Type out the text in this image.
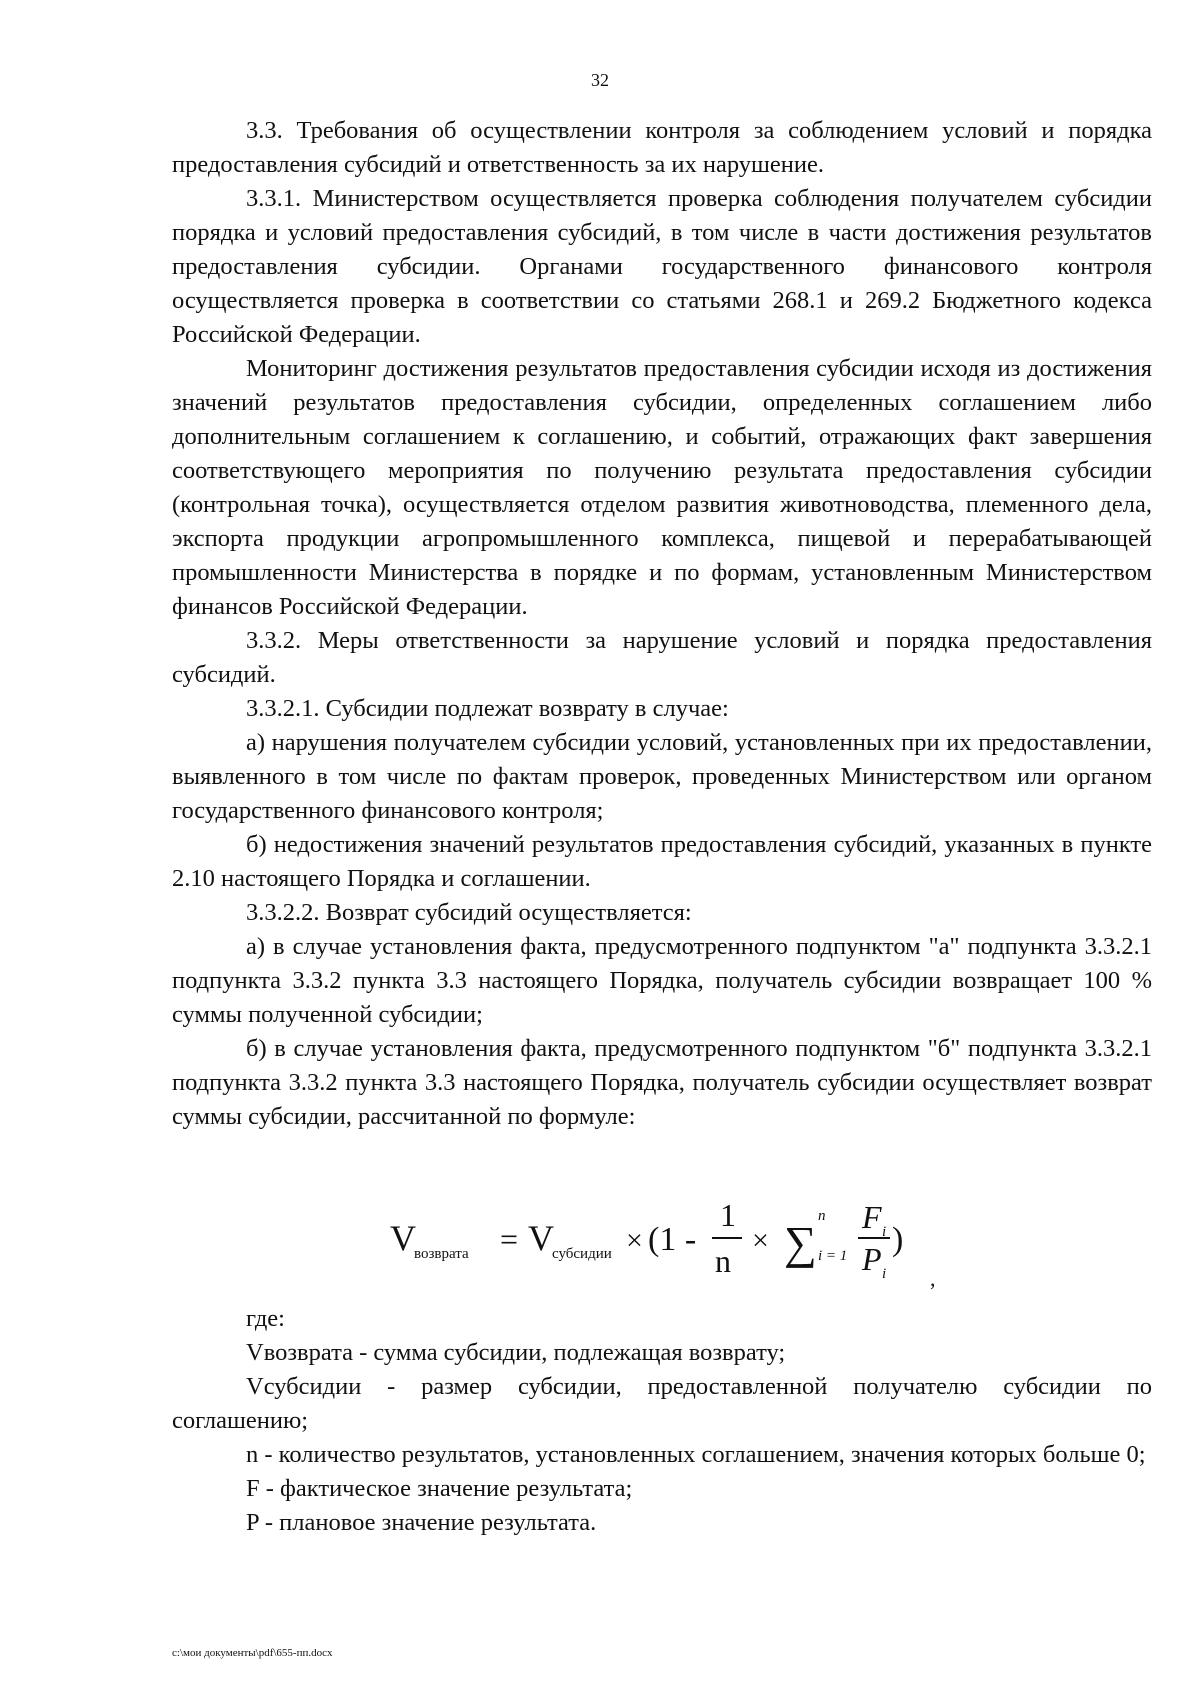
32

3.3. Требования об осуществлении контроля за соблюдением условий и порядка предоставления субсидий и ответственность за их нарушение.

3.3.1. Министерством осуществляется проверка соблюдения получателем субсидии порядка и условий предоставления субсидий, в том числе в части достижения результатов предоставления субсидии. Органами государственного финансового контроля осуществляется проверка в соответствии со статьями 268.1 и 269.2 Бюджетного кодекса Российской Федерации.

Мониторинг достижения результатов предоставления субсидии исходя из достижения значений результатов предоставления субсидии, определенных соглашением либо дополнительным соглашением к соглашению, и событий, отражающих факт завершения соответствующего мероприятия по получению результата предоставления субсидии (контрольная точка), осуществляется отделом развития животноводства, племенного дела, экспорта продукции агропромышленного комплекса, пищевой и перерабатывающей промышленности Министерства в порядке и по формам, установленным Министерством финансов Российской Федерации.

3.3.2. Меры ответственности за нарушение условий и порядка предоставления субсидий.

3.3.2.1. Субсидии подлежат возврату в случае:

а) нарушения получателем субсидии условий, установленных при их предоставлении, выявленного в том числе по фактам проверок, проведенных Министерством или органом государственного финансового контроля;

б) недостижения значений результатов предоставления субсидий, указанных в пункте 2.10 настоящего Порядка и соглашении.

3.3.2.2. Возврат субсидий осуществляется:

а) в случае установления факта, предусмотренного подпунктом "а" подпункта 3.3.2.1 подпункта 3.3.2 пункта 3.3 настоящего Порядка, получатель субсидии возвращает 100 % суммы полученной субсидии;

б) в случае установления факта, предусмотренного подпунктом "б" подпункта 3.3.2.1 подпункта 3.3.2 пункта 3.3 настоящего Порядка, получатель субсидии осуществляет возврат суммы субсидии, рассчитанной по формуле:

V
возврата = V
субсидии × (1 -
1
n
× ∑
n
i = 1
F i
P i
)
,

где:

Vвозврата - сумма субсидии, подлежащая возврату;

Vсубсидии - размер субсидии, предоставленной получателю субсидии по соглашению;

n - количество результатов, установленных соглашением, значения которых больше 0;

F - фактическое значение результата;

P - плановое значение результата.

c:\мои документы\pdf\655-пп.docx
